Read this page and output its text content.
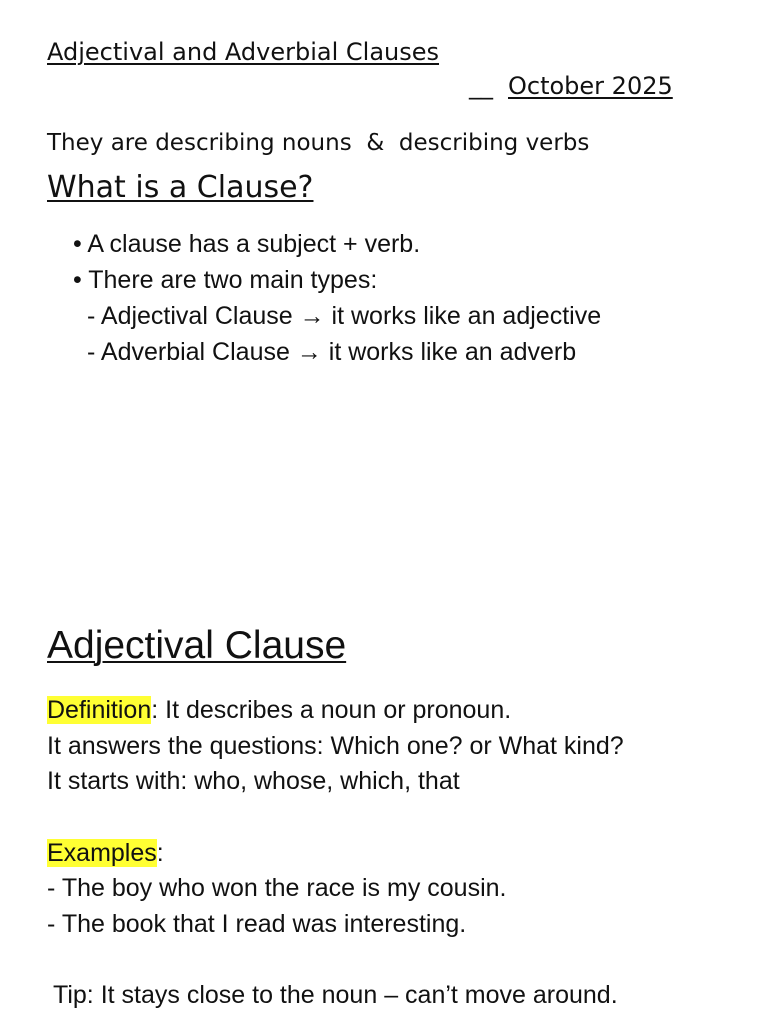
Adjectival and Adverbial Clauses
__ October 2025
They are describing nouns  &  describing verbs
What is a Clause?
• A clause has a subject + verb.
• There are two main types:
- Adjectival Clause → it works like an adjective
- Adverbial Clause → it works like an adverb
Adjectival Clause
Definition: It describes a noun or pronoun.
It answers the questions: Which one? or What kind?
It starts with: who, whose, which, that
Examples:
- The boy who won the race is my cousin.
- The book that I read was interesting.
Tip: It stays close to the noun – can’t move around.
